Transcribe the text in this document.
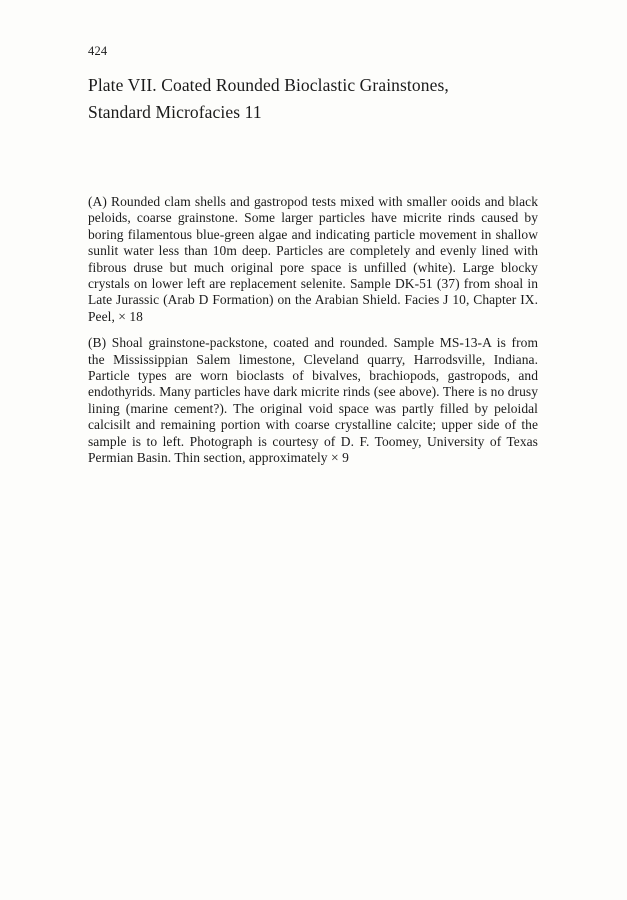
424
Plate VII. Coated Rounded Bioclastic Grainstones,
Standard Microfacies 11

(A) Rounded clam shells and gastropod tests mixed with smaller ooids and black peloids, coarse grainstone. Some larger particles have micrite rinds caused by boring filamentous blue-green algae and indicating particle movement in shallow sunlit water less than 10m deep. Particles are completely and evenly lined with fibrous druse but much original pore space is unfilled (white). Large blocky crystals on lower left are replacement selenite. Sample DK-51 (37) from shoal in Late Jurassic (Arab D Formation) on the Arabian Shield. Facies J 10, Chapter IX. Peel, × 18

(B) Shoal grainstone-packstone, coated and rounded. Sample MS-13-A is from the Mississippian Salem limestone, Cleveland quarry, Harrodsville, Indiana. Particle types are worn bioclasts of bivalves, brachiopods, gastropods, and endothyrids. Many particles have dark micrite rinds (see above). There is no drusy lining (marine cement?). The original void space was partly filled by peloidal calcisilt and remaining portion with coarse crystalline calcite; upper side of the sample is to left. Photograph is courtesy of D. F. Toomey, University of Texas Permian Basin. Thin section, approximately × 9
